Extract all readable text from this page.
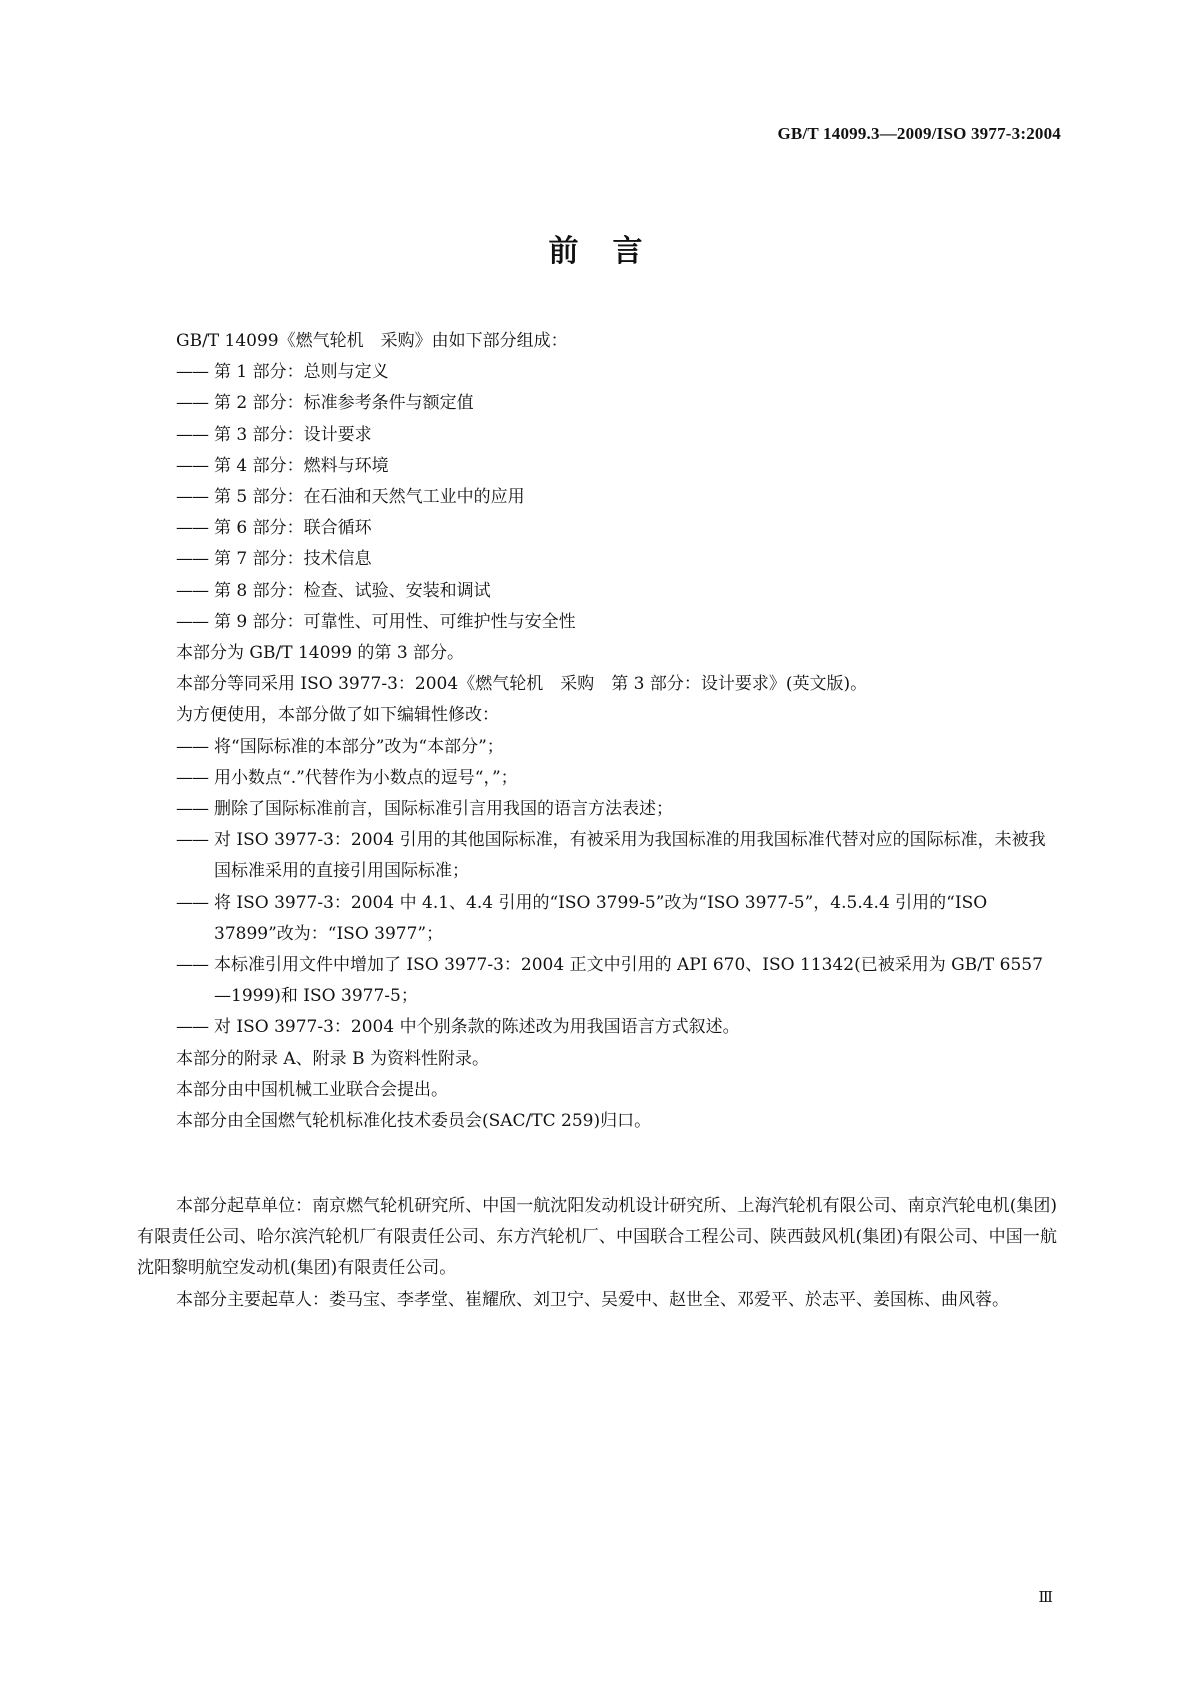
GB/T 14099.3—2009/ISO 3977-3:2004
前言

GB/T 14099《燃气轮机　采购》由如下部分组成：

—— 第 1 部分：总则与定义
—— 第 2 部分：标准参考条件与额定值
—— 第 3 部分：设计要求
—— 第 4 部分：燃料与环境
—— 第 5 部分：在石油和天然气工业中的应用
—— 第 6 部分：联合循环
—— 第 7 部分：技术信息
—— 第 8 部分：检查、试验、安装和调试
—— 第 9 部分：可靠性、可用性、可维护性与安全性

本部分为 GB/T 14099 的第 3 部分。

本部分等同采用 ISO 3977-3：2004《燃气轮机　采购　第 3 部分：设计要求》(英文版)。

为方便使用，本部分做了如下编辑性修改：

—— 将“国际标准的本部分”改为“本部分”；
—— 用小数点“.”代替作为小数点的逗号“，”；
—— 删除了国际标准前言，国际标准引言用我国的语言方法表述；
—— 对 ISO 3977-3：2004 引用的其他国际标准，有被采用为我国标准的用我国标准代替对应的国际标准，未被我国标准采用的直接引用国际标准；
—— 将 ISO 3977-3：2004 中 4.1、4.4 引用的“ISO 3799-5”改为“ISO 3977-5”，4.5.4.4 引用的“ISO 37899”改为：“ISO 3977”；
—— 本标准引用文件中增加了 ISO 3977-3：2004 正文中引用的 API 670、ISO 11342(已被采用为 GB/T 6557—1999)和 ISO 3977-5；
—— 对 ISO 3977-3：2004 中个别条款的陈述改为用我国语言方式叙述。

本部分的附录 A、附录 B 为资料性附录。

本部分由中国机械工业联合会提出。

本部分由全国燃气轮机标准化技术委员会(SAC/TC 259)归口。

本部分起草单位：南京燃气轮机研究所、中国一航沈阳发动机设计研究所、上海汽轮机有限公司、南京汽轮电机(集团)有限责任公司、哈尔滨汽轮机厂有限责任公司、东方汽轮机厂、中国联合工程公司、陕西鼓风机(集团)有限公司、中国一航沈阳黎明航空发动机(集团)有限责任公司。

本部分主要起草人：娄马宝、李孝堂、崔耀欣、刘卫宁、吴爱中、赵世全、邓爱平、於志平、姜国栋、曲风蓉。

Ⅲ
